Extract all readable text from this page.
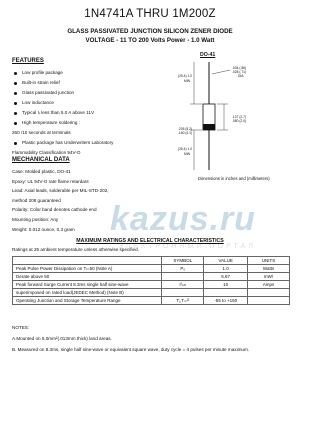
1N4741A THRU 1M200Z
GLASS PASSIVATED JUNCTION SILICON ZENER DIODE
VOLTAGE - 11 TO 200 Volts Power - 1.0 Watt
FEATURES
Low profile package
Built-in strain relief
Glass passivated junction
Low inductance
Typical Iᵣ less than 5.0 A above 11V
High temperature soldering :
260 /10 seconds at terminals
Plastic package has Underwriters Laboratory
Flammability Classification 94V-O
DO-41
(25.4) 1.0
MIN
.034 (.86)
.028 (.71)
DIA
.107 (2.7)
.080 (2.0)
.205 (5.2)
.160 (4.1)
(25.4) 1.0
MIN
Dimensions in inches and (millimeters)
MECHANICAL DATA
Case: Molded plastic, DO-41
Epoxy: UL 94V-O rate flame retardant
Lead: Axial leads, solderable per MIL-STD-202,
method 208 guaranteed
Polarity: Color band denotes cathode end
Mounting position: Any
Weight: 0.012 ounce, 0.3 gram	kazus.ru
ЭЛЕКТРОННЫЙ ПОРТАЛ
MAXIMUM RATINGS AND ELECTRICAL CHARACTERISTICS
Ratings at 25 ambient temperature unless otherwise specified.
	SYMBOL	VALUE	UNITS
Peak Pulse Power Dissipation on Tₗ=50 (Note A)	P₀	1.0	Watts
Derate above 50		6.67	mW/
Peak forward Surge Current 8.3ms single half sine-wave	Iᶠₛₘ	10	Amps
superimposed on rated load(JEDEC Method) (Note B)			
Operating Junction and Storage Temperature Range	Tⱼ,Tₛₜᴳ	-55 to +150	
NOTES:
A.Mounted on 5.0mm²(.013mm thick) land areas.
B. Measured on 8.3ms, single half sine-wave or equivalent square wave, duty cycle = 4 pulses per minute maximum.
